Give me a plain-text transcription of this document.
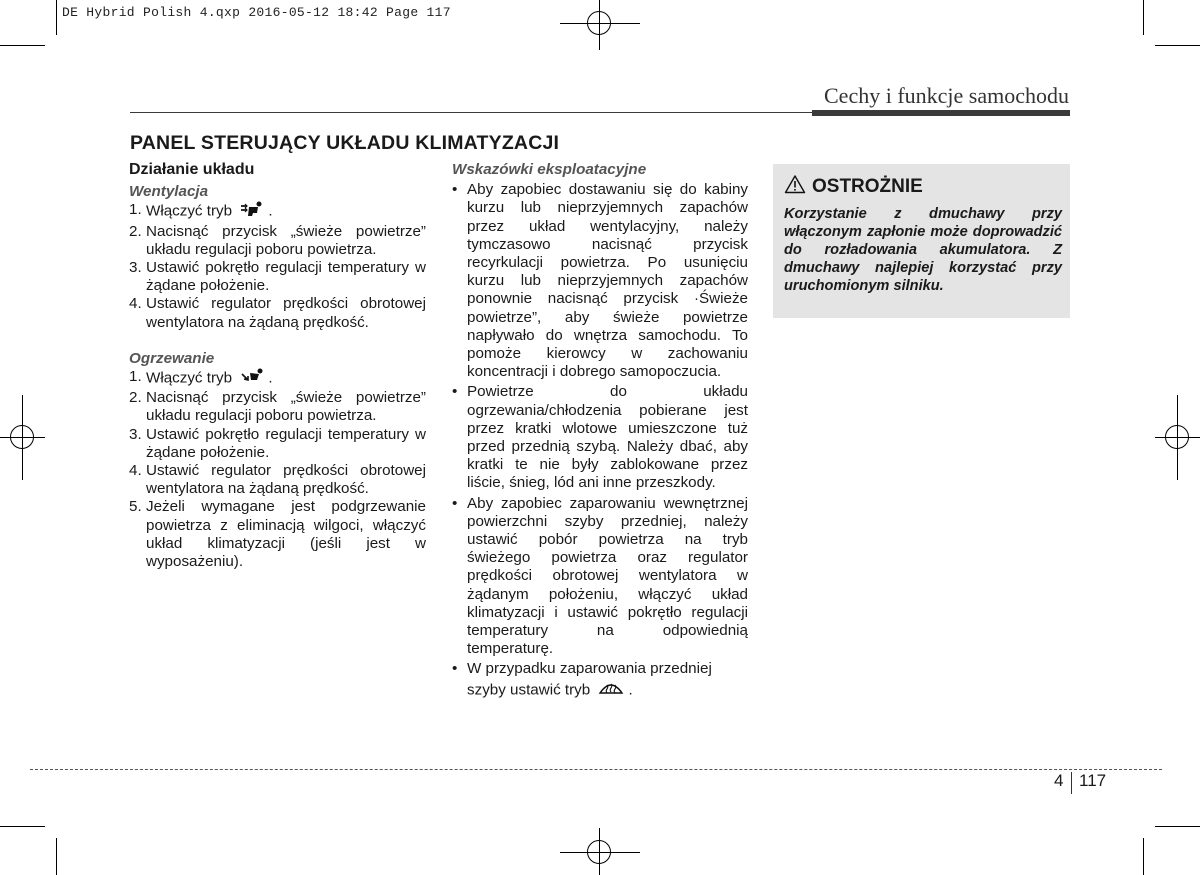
DE Hybrid Polish 4.qxp 2016-05-12 18:42 Page 117
Cechy i funkcje samochodu
PANEL STERUJĄCY UKŁADU KLIMATYZACJI
Działanie układu
Wentylacja
1. Włączyć tryb .
2. Nacisnąć przycisk „świeże powietrze” układu regulacji poboru powietrza.
3. Ustawić pokrętło regulacji temperatury w żądane położenie.
4. Ustawić regulator prędkości obrotowej wentylatora na żądaną prędkość.
Ogrzewanie
1. Włączyć tryb .
2. Nacisnąć przycisk „świeże powietrze” układu regulacji poboru powietrza.
3. Ustawić pokrętło regulacji temperatury w żądane położenie.
4. Ustawić regulator prędkości obrotowej wentylatora na żądaną prędkość.
5. Jeżeli wymagane jest podgrzewanie powietrza z eliminacją wilgoci, włączyć układ klimatyzacji (jeśli jest w wyposażeniu).
Wskazówki eksploatacyjne
• Aby zapobiec dostawaniu się do kabiny kurzu lub nieprzyjemnych zapachów przez układ wentylacyjny, należy tymczasowo nacisnąć przycisk recyrkulacji powietrza. Po usunięciu kurzu lub nieprzyjemnych zapachów ponownie nacisnąć przycisk ·Świeże powietrze”, aby świeże powietrze napływało do wnętrza samochodu. To pomoże kierowcy w zachowaniu koncentracji i dobrego samopoczucia.
• Powietrze do układu ogrzewania/chłodzenia pobierane jest przez kratki wlotowe umieszczone tuż przed przednią szybą. Należy dbać, aby kratki te nie były zablokowane przez liście, śnieg, lód ani inne przeszkody.
• Aby zapobiec zaparowaniu wewnętrznej powierzchni szyby przedniej, należy ustawić pobór powietrza na tryb świeżego powietrza oraz regulator prędkości obrotowej wentylatora w żądanym położeniu, włączyć układ klimatyzacji i ustawić pokrętło regulacji temperatury na odpowiednią temperaturę.
• W przypadku zaparowania przedniej szyby ustawić tryb	.
OSTROŻNIE
Korzystanie z dmuchawy przy włączonym zapłonie może doprowadzić do rozładowania akumulatora. Z dmuchawy najlepiej korzystać przy uruchomionym silniku.
4 117
